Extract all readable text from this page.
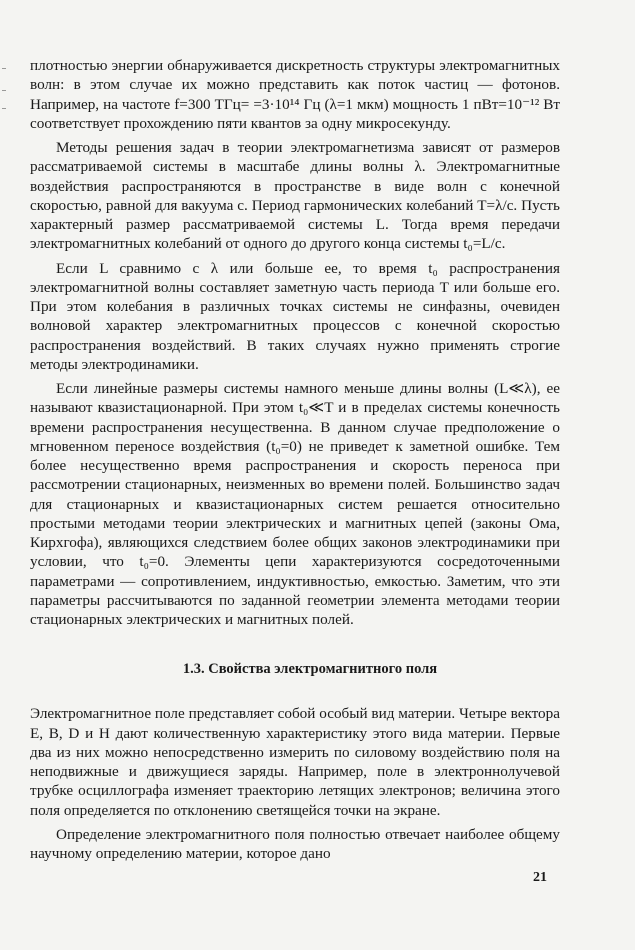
плотностью энергии обнаруживается дискретность структуры электромагнитных волн: в этом случае их можно представить как поток частиц — фотонов. Например, на частоте f=300 ТГц= =3·10¹⁴ Гц (λ=1 мкм) мощность 1 пВт=10⁻¹² Вт соответствует прохождению пяти квантов за одну микросекунду.

Методы решения задач в теории электромагнетизма зависят от размеров рассматриваемой системы в масштабе длины волны λ. Электромагнитные воздействия распространяются в пространстве в виде волн с конечной скоростью, равной для вакуума c. Период гармонических колебаний T=λ/c. Пусть характерный размер рассматриваемой системы L. Тогда время передачи электромагнитных колебаний от одного до другого конца системы t₀=L/c.

Если L сравнимо с λ или больше ее, то время t₀ распространения электромагнитной волны составляет заметную часть периода T или больше его. При этом колебания в различных точках системы не синфазны, очевиден волновой характер электромагнитных процессов с конечной скоростью распространения воздействий. В таких случаях нужно применять строгие методы электродинамики.

Если линейные размеры системы намного меньше длины волны (L≪λ), ее называют квазистационарной. При этом t₀≪T и в пределах системы конечность времени распространения несущественна. В данном случае предположение о мгновенном переносе воздействия (t₀=0) не приведет к заметной ошибке. Тем более несущественно время распространения и скорость переноса при рассмотрении стационарных, неизменных во времени полей. Большинство задач для стационарных и квазистационарных систем решается относительно простыми методами теории электрических и магнитных цепей (законы Ома, Кирхгофа), являющихся следствием более общих законов электродинамики при условии, что t₀=0. Элементы цепи характеризуются сосредоточенными параметрами — сопротивлением, индуктивностью, емкостью. Заметим, что эти параметры рассчитываются по заданной геометрии элемента методами теории стационарных электрических и магнитных полей.

1.3. Свойства электромагнитного поля

Электромагнитное поле представляет собой особый вид материи. Четыре вектора E, B, D и H дают количественную характеристику этого вида материи. Первые два из них можно непосредственно измерить по силовому воздействию поля на неподвижные и движущиеся заряды. Например, поле в электроннолучевой трубке осциллографа изменяет траекторию летящих электронов; величина этого поля определяется по отклонению светящейся точки на экране.

Определение электромагнитного поля полностью отвечает наиболее общему научному определению материи, которое дано

21
